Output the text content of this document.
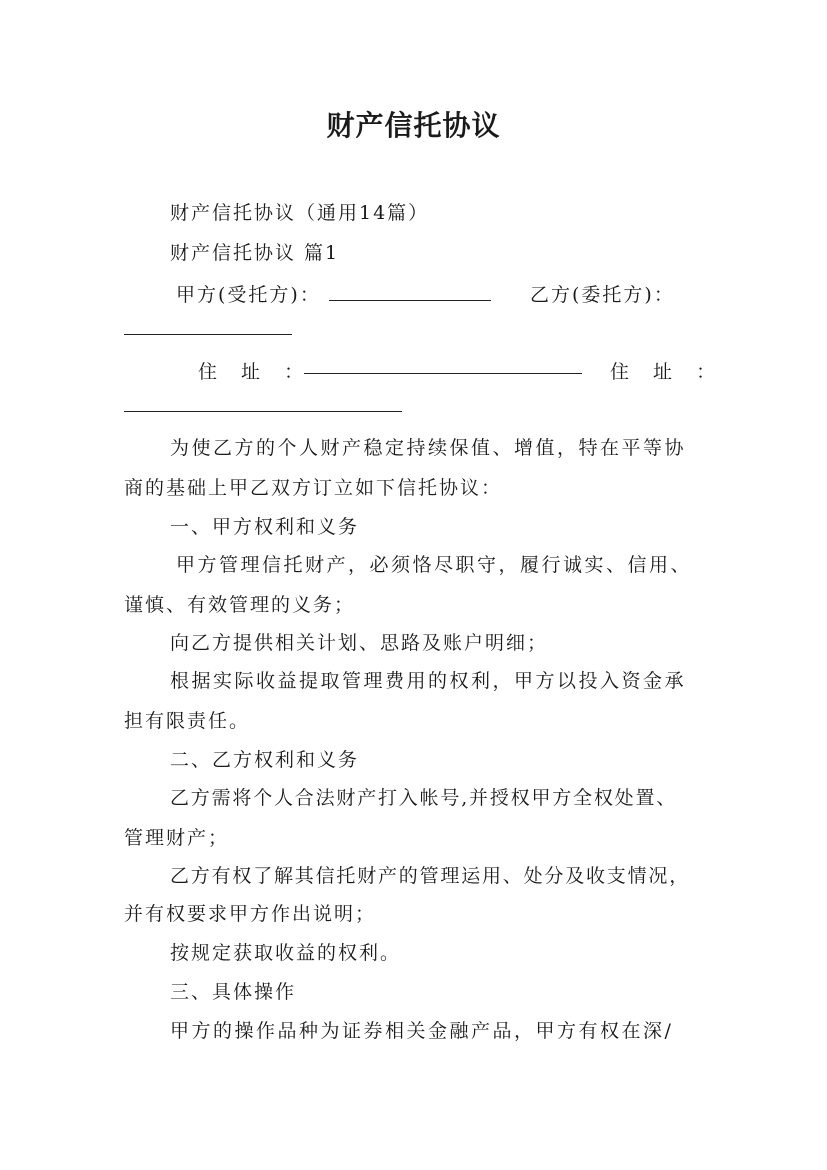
财产信托协议
财产信托协议（通用14篇）
财产信托协议 篇1
甲方(受托方)：	乙方(委托方)：
住 址 ：	住 址 ：
为使乙方的个人财产稳定持续保值、增值，特在平等协
商的基础上甲乙双方订立如下信托协议：
一、甲方权利和义务
甲方管理信托财产，必须恪尽职守，履行诚实、信用、
谨慎、有效管理的义务；
向乙方提供相关计划、思路及账户明细；
根据实际收益提取管理费用的权利，甲方以投入资金承
担有限责任。
二、乙方权利和义务
乙方需将个人合法财产打入帐号,并授权甲方全权处置、
管理财产；
乙方有权了解其信托财产的管理运用、处分及收支情况，
并有权要求甲方作出说明；
按规定获取收益的权利。
三、具体操作
甲方的操作品种为证券相关金融产品，甲方有权在深/
